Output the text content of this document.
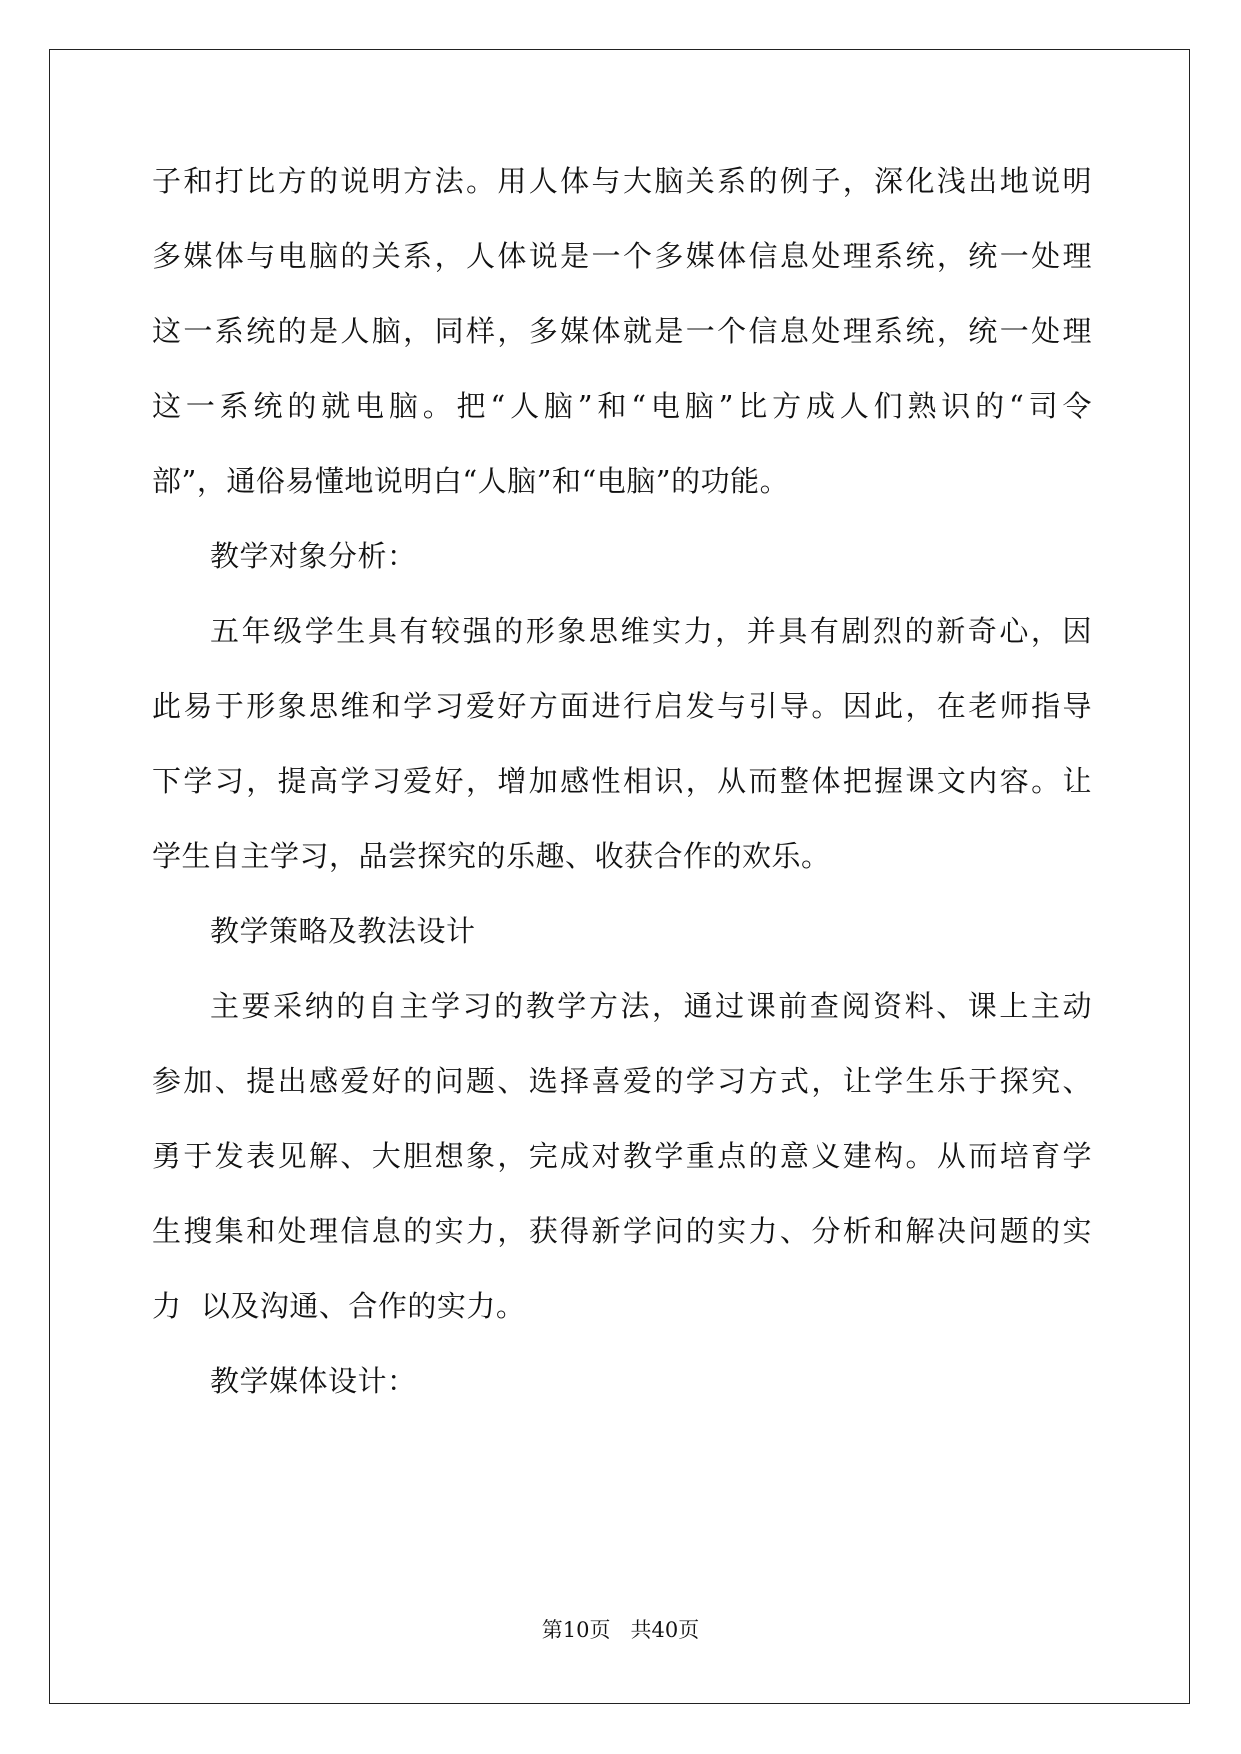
子和打比方的说明方法。用人体与大脑关系的例子，深化浅出地说明
多媒体与电脑的关系，人体说是一个多媒体信息处理系统，统一处理
这一系统的是人脑，同样，多媒体就是一个信息处理系统，统一处理
这一系统的就电脑。把“人脑”和“电脑”比方成人们熟识的“司令
部”，通俗易懂地说明白“人脑”和“电脑”的功能。
教学对象分析：
五年级学生具有较强的形象思维实力，并具有剧烈的新奇心，因
此易于形象思维和学习爱好方面进行启发与引导。因此，在老师指导
下学习，提高学习爱好，增加感性相识，从而整体把握课文内容。让
学生自主学习，品尝探究的乐趣、收获合作的欢乐。
教学策略及教法设计
主要采纳的自主学习的教学方法，通过课前查阅资料、课上主动
参加、提出感爱好的问题、选择喜爱的学习方式，让学生乐于探究、
勇于发表见解、大胆想象，完成对教学重点的意义建构。从而培育学
生搜集和处理信息的实力，获得新学问的实力、分析和解决问题的实
力  以及沟通、合作的实力。
教学媒体设计：
第10页   共40页
